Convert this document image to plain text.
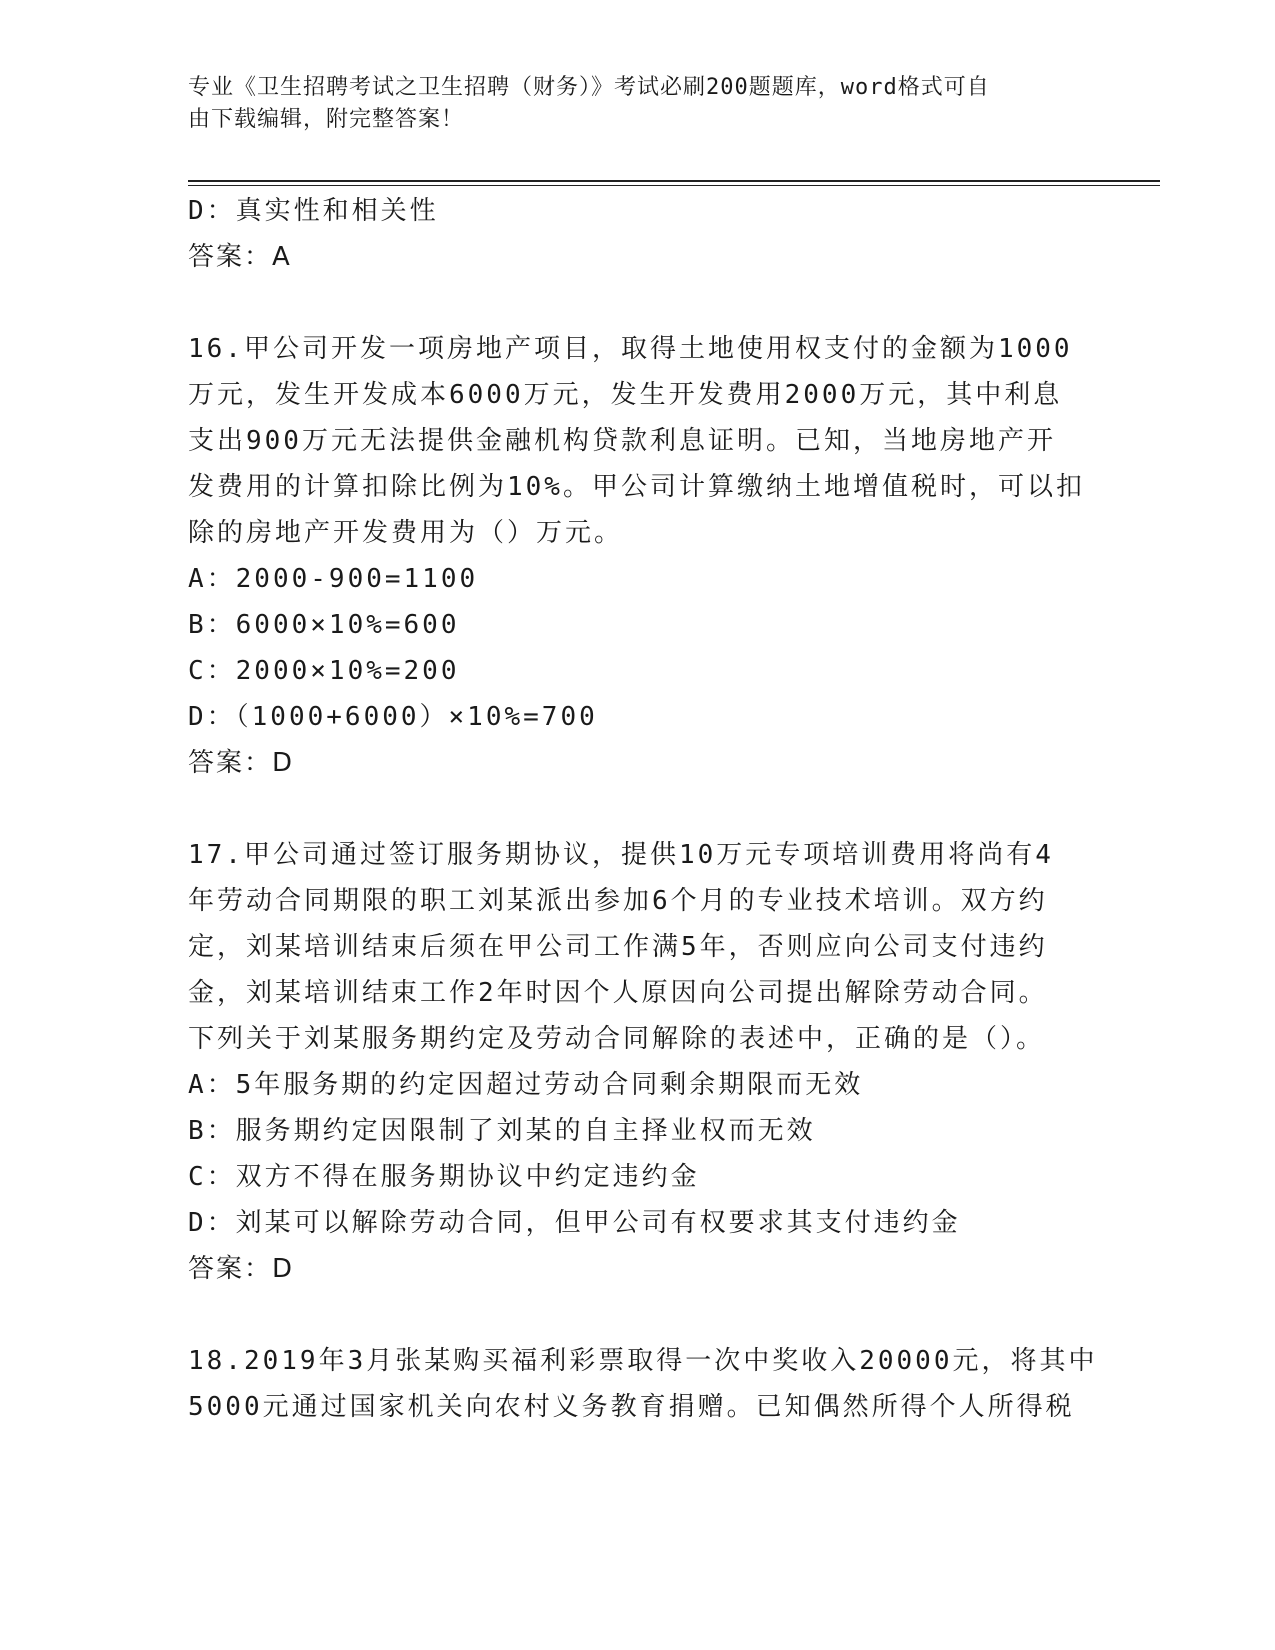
专业《卫生招聘考试之卫生招聘（财务）》考试必刷200题题库，word格式可自
由下载编辑，附完整答案！
D：真实性和相关性
答案：A
16.甲公司开发一项房地产项目，取得土地使用权支付的金额为1000
万元，发生开发成本6000万元，发生开发费用2000万元，其中利息
支出900万元无法提供金融机构贷款利息证明。已知，当地房地产开
发费用的计算扣除比例为10%。甲公司计算缴纳土地增值税时，可以扣
除的房地产开发费用为（）万元。
A：2000-900=1100
B：6000×10%=600
C：2000×10%=200
D：（1000+6000）×10%=700
答案：D
17.甲公司通过签订服务期协议，提供10万元专项培训费用将尚有4
年劳动合同期限的职工刘某派出参加6个月的专业技术培训。双方约
定，刘某培训结束后须在甲公司工作满5年，否则应向公司支付违约
金，刘某培训结束工作2年时因个人原因向公司提出解除劳动合同。
下列关于刘某服务期约定及劳动合同解除的表述中，正确的是（）。
A：5年服务期的约定因超过劳动合同剩余期限而无效
B：服务期约定因限制了刘某的自主择业权而无效
C：双方不得在服务期协议中约定违约金
D：刘某可以解除劳动合同，但甲公司有权要求其支付违约金
答案：D
18.2019年3月张某购买福利彩票取得一次中奖收入20000元，将其中
5000元通过国家机关向农村义务教育捐赠。已知偶然所得个人所得税
